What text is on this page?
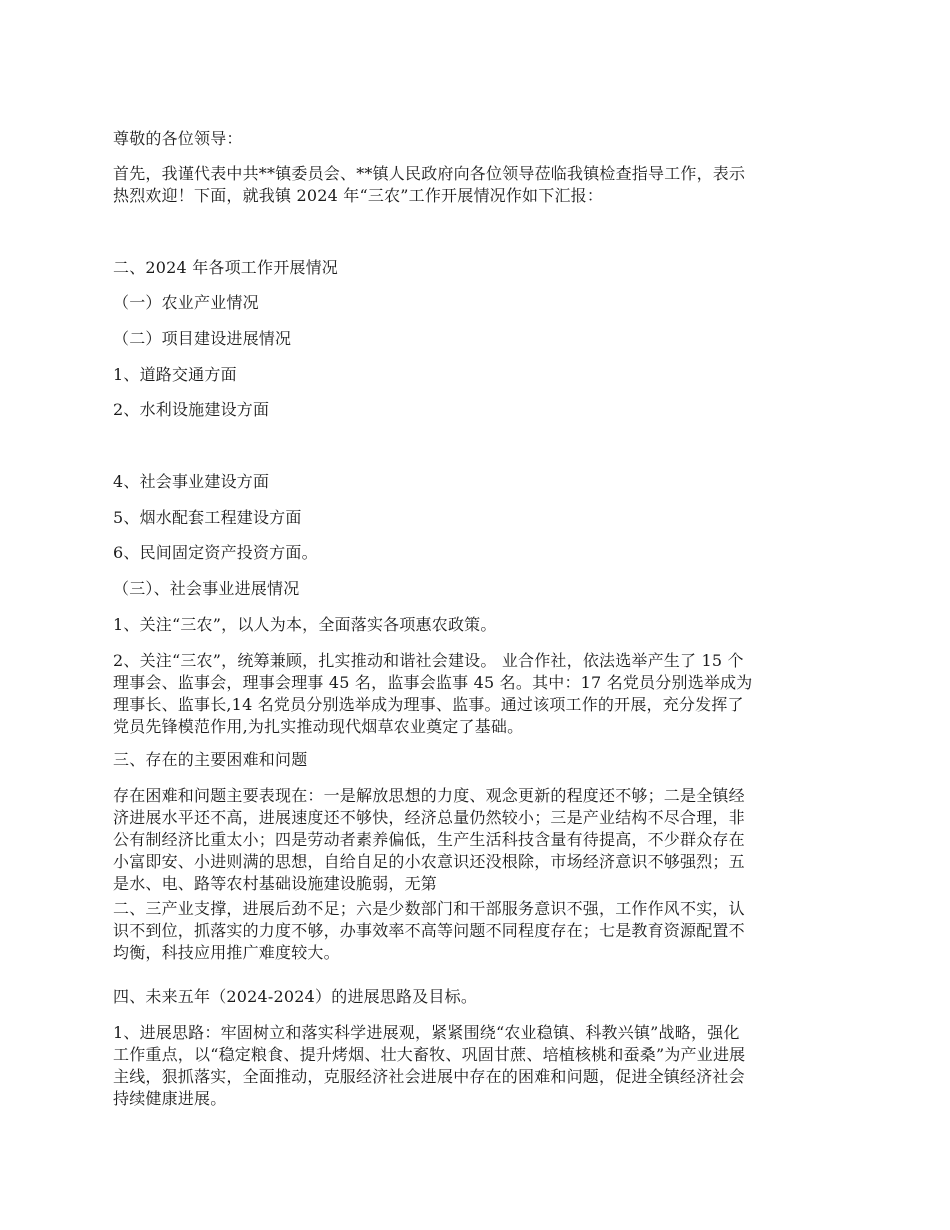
尊敬的各位领导：

首先，我谨代表中共**镇委员会、**镇人民政府向各位领导莅临我镇检查指导工作，表示
热烈欢迎！下面，就我镇 2024 年“三农”工作开展情况作如下汇报：

二、2024 年各项工作开展情况

（一）农业产业情况

（二）项目建设进展情况

1、道路交通方面

2、水利设施建设方面

4、社会事业建设方面

5、烟水配套工程建设方面

6、民间固定资产投资方面。

（三）、社会事业进展情况

1、关注“三农”，以人为本，全面落实各项惠农政策。

2、关注“三农”，统筹兼顾，扎实推动和谐社会建设。 业合作社，依法选举产生了 15 个
理事会、监事会，理事会理事 45 名，监事会监事 45 名。其中：17 名党员分别选举成为
理事长、监事长,14 名党员分别选举成为理事、监事。通过该项工作的开展，充分发挥了
党员先锋模范作用,为扎实推动现代烟草农业奠定了基础。

三、存在的主要困难和问题

存在困难和问题主要表现在：一是解放思想的力度、观念更新的程度还不够；二是全镇经
济进展水平还不高，进展速度还不够快，经济总量仍然较小；三是产业结构不尽合理，非
公有制经济比重太小；四是劳动者素养偏低，生产生活科技含量有待提高，不少群众存在
小富即安、小进则满的思想，自给自足的小农意识还没根除，市场经济意识不够强烈；五
是水、电、路等农村基础设施建设脆弱，无第

二、三产业支撑，进展后劲不足；六是少数部门和干部服务意识不强，工作作风不实，认
识不到位，抓落实的力度不够，办事效率不高等问题不同程度存在；七是教育资源配置不
均衡，科技应用推广难度较大。

四、未来五年（2024-2024）的进展思路及目标。

1、进展思路：牢固树立和落实科学进展观，紧紧围绕“农业稳镇、科教兴镇”战略，强化
工作重点，以“稳定粮食、提升烤烟、壮大畜牧、巩固甘蔗、培植核桃和蚕桑”为产业进展
主线，狠抓落实，全面推动，克服经济社会进展中存在的困难和问题，促进全镇经济社会
持续健康进展。
